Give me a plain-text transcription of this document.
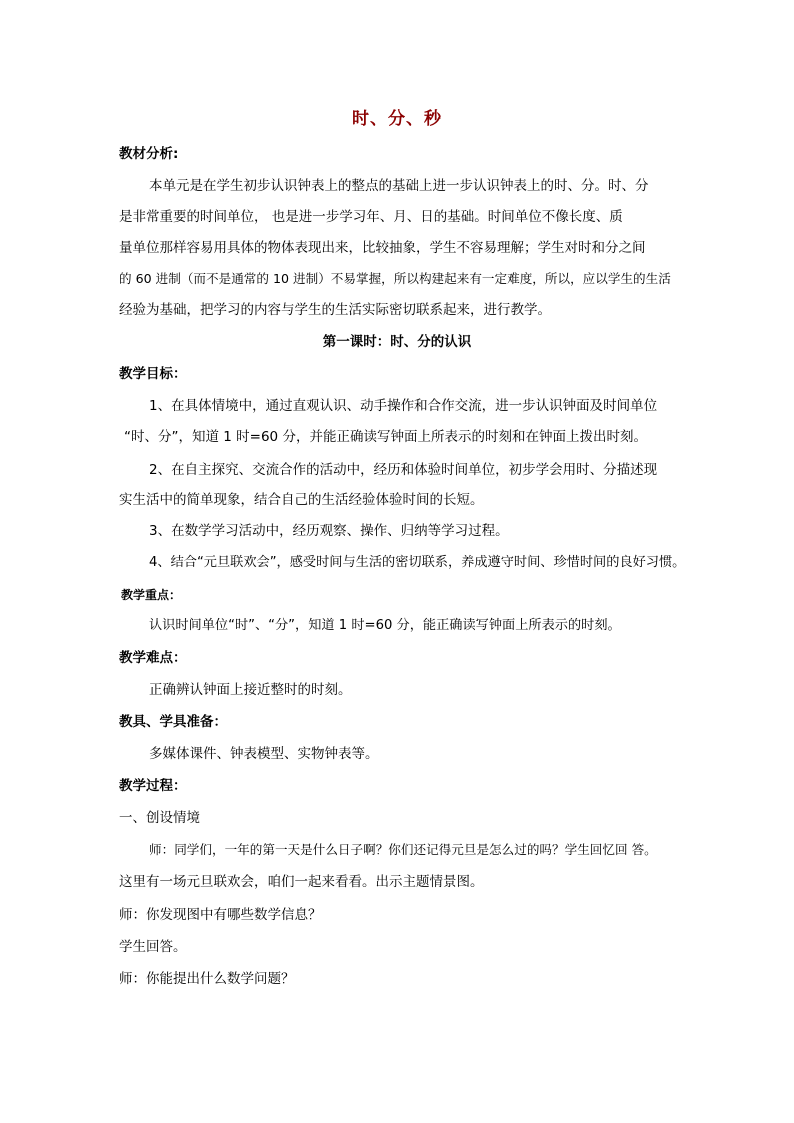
时、分、秒
教材分析:
本单元是在学生初步认识钟表上的整点的基础上进一步认识钟表上的时、分。时、分
是非常重要的时间单位， 也是进一步学习年、月、日的基础。时间单位不像长度、质
量单位那样容易用具体的物体表现出来，比较抽象，学生不容易理解；学生对时和分之间
的 60 进制（而不是通常的 10 进制）不易掌握，所以构建起来有一定难度，所以，应以学生的生活
经验为基础，把学习的内容与学生的生活实际密切联系起来，进行教学。
第一课时：时、分的认识
教学目标：
1、在具体情境中，通过直观认识、动手操作和合作交流，进一步认识钟面及时间单位
“时、分”，知道 1 时=60 分，并能正确读写钟面上所表示的时刻和在钟面上拨出时刻。
2、在自主探究、交流合作的活动中，经历和体验时间单位，初步学会用时、分描述现
实生活中的简单现象，结合自己的生活经验体验时间的长短。
3、在数学学习活动中，经历观察、操作、归纳等学习过程。
4、结合“元旦联欢会”，感受时间与生活的密切联系，养成遵守时间、珍惜时间的良好习惯。
教学重点：
认识时间单位“时”、“分”，知道 1 时=60 分，能正确读写钟面上所表示的时刻。
教学难点：
正确辨认钟面上接近整时的时刻。
教具、学具准备：
多媒体课件、钟表模型、实物钟表等。
教学过程：
一、创设情境
师：同学们，一年的第一天是什么日子啊？你们还记得元旦是怎么过的吗？学生回忆回 答。
这里有一场元旦联欢会，咱们一起来看看。出示主题情景图。
师：你发现图中有哪些数学信息？
学生回答。
师：你能提出什么数学问题？
